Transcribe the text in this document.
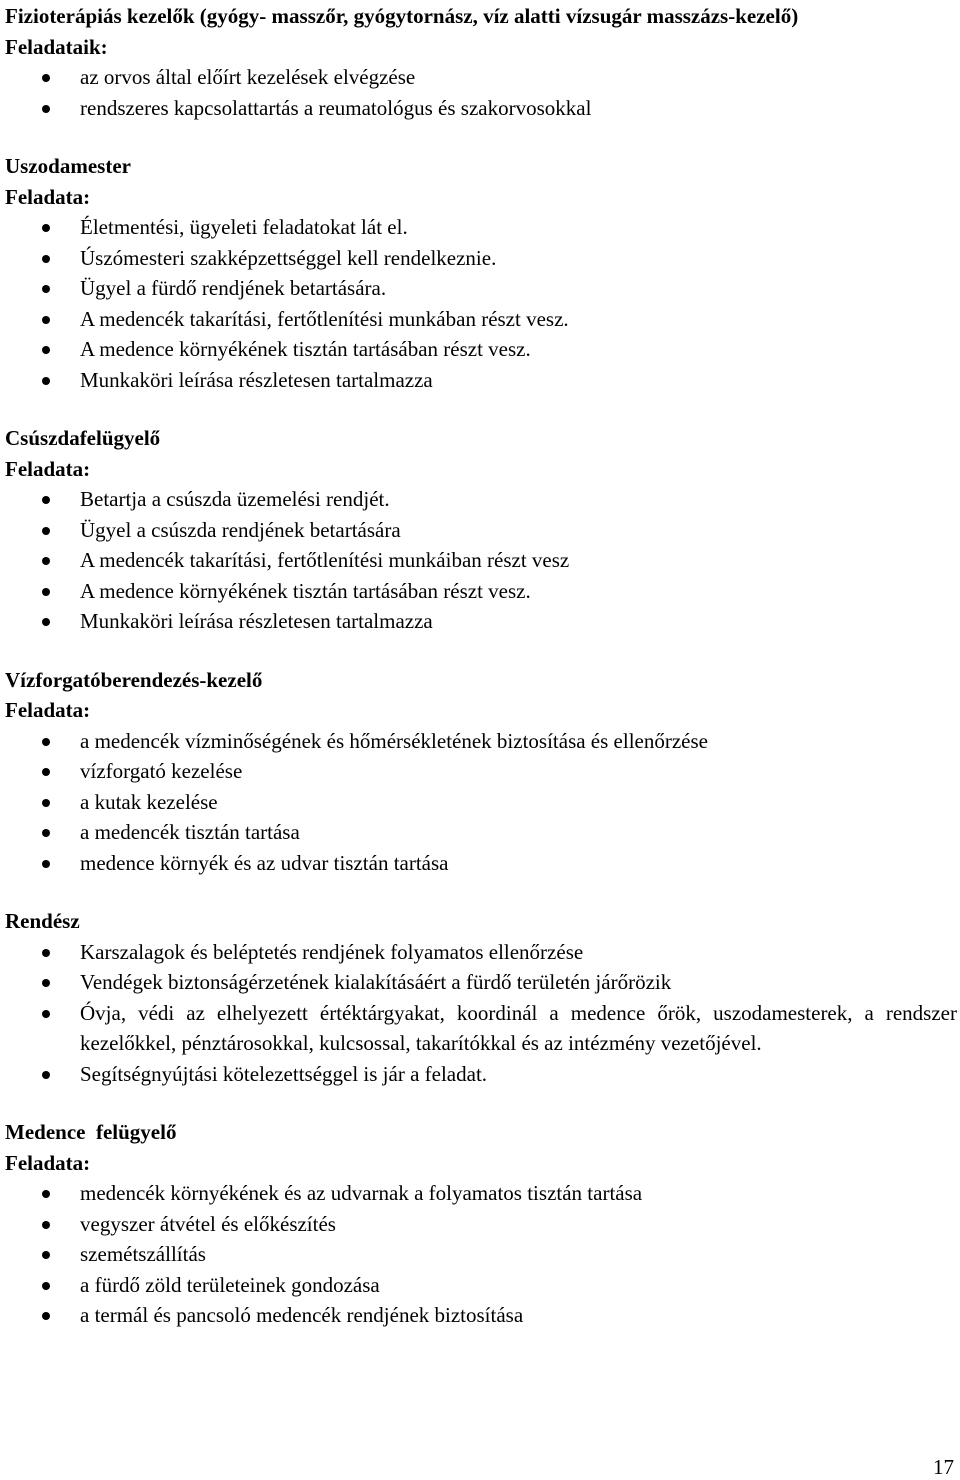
Fizioterápiás kezelők (gyógy- masszőr, gyógytornász, víz alatti vízsugár masszázs-kezelő)
Feladataik:
az orvos által előírt kezelések elvégzése
rendszeres kapcsolattartás a reumatológus és szakorvosokkal
Uszodamester
Feladata:
Életmentési, ügyeleti feladatokat lát el.
Úszómesteri szakképzettséggel kell rendelkeznie.
Ügyel a fürdő rendjének betartására.
A medencék takarítási, fertőtlenítési munkában részt vesz.
A medence környékének tisztán tartásában részt vesz.
Munkaköri leírása részletesen tartalmazza
Csúszdafelügyelő
Feladata:
Betartja a csúszda üzemelési rendjét.
Ügyel a csúszda rendjének betartására
A medencék takarítási, fertőtlenítési munkáiban részt vesz
A medence környékének tisztán tartásában részt vesz.
Munkaköri leírása részletesen tartalmazza
Vízforgatóberendezés-kezelő
Feladata:
a medencék vízminőségének és hőmérsékletének biztosítása és ellenőrzése
vízforgató kezelése
a kutak kezelése
a medencék tisztán tartása
medence környék és az udvar tisztán tartása
Rendész
Karszalagok és beléptetés rendjének folyamatos ellenőrzése
Vendégek biztonságérzetének kialakításáért a fürdő területén járőrözik
Óvja, védi az elhelyezett értéktárgyakat, koordinál a medence őrök, uszodamesterek, a rendszer kezelőkkel, pénztárosokkal, kulcsossal, takarítókkal és az intézmény vezetőjével.
Segítségnyújtási kötelezettséggel is jár a feladat.
Medence  felügyelő
Feladata:
medencék környékének és az udvarnak a folyamatos tisztán tartása
vegyszer átvétel és előkészítés
szemétszállítás
a fürdő zöld területeinek gondozása
a termál és pancsoló medencék rendjének biztosítása
17
